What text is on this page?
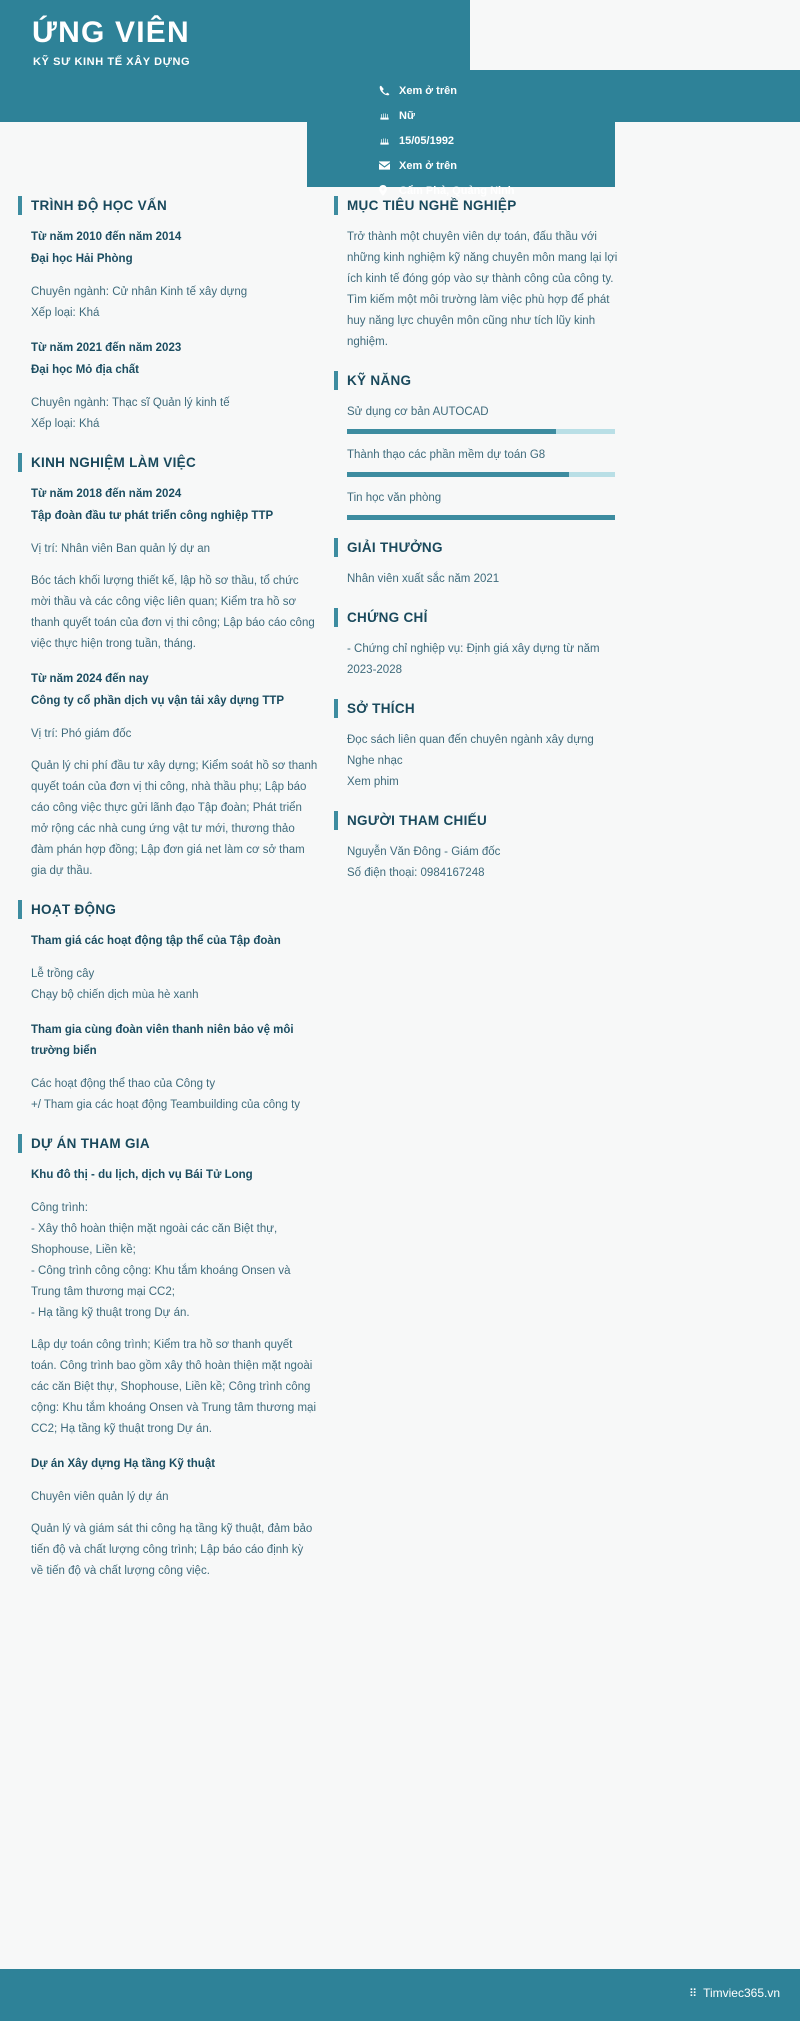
ỨNG VIÊN
KỸ SƯ KINH TẾ XÂY DỰNG
Xem ở trên
Nữ
15/05/1992
Xem ở trên
Cẩm Phả, Quảng Ninh
TRÌNH ĐỘ HỌC VẤN
Từ năm 2010 đến năm 2014
Đại học Hải Phòng
Chuyên ngành: Cử nhân Kinh tế xây dựng
Xếp loại: Khá
Từ năm 2021 đến năm 2023
Đại học Mỏ địa chất
Chuyên ngành: Thạc sĩ Quản lý kinh tế
Xếp loại: Khá
KINH NGHIỆM LÀM VIỆC
Từ năm 2018 đến năm 2024
Tập đoàn đầu tư phát triển công nghiệp TTP
Vị trí: Nhân viên Ban quản lý dự an
Bóc tách khối lượng thiết kế, lập hồ sơ thầu, tổ chức mời thầu và các công việc liên quan; Kiểm tra hồ sơ thanh quyết toán của đơn vị thi công; Lập báo cáo công việc thực hiện trong tuần, tháng.
Từ năm 2024 đến nay
Công ty cổ phần dịch vụ vận tải xây dựng TTP
Vị trí: Phó giám đốc
Quản lý chi phí đầu tư xây dựng; Kiểm soát hồ sơ thanh quyết toán của đơn vị thi công, nhà thầu phụ; Lập báo cáo công việc thực gửi lãnh đạo Tập đoàn; Phát triển mở rộng các nhà cung ứng vật tư mới, thương thảo đàm phán hợp đồng; Lập đơn giá net làm cơ sở tham gia dự thầu.
HOẠT ĐỘNG
Tham giá các hoạt động tập thể của Tập đoàn
Lễ trồng cây
Chạy bộ chiến dịch mùa hè xanh
Tham gia cùng đoàn viên thanh niên bảo vệ môi trường biển
Các hoạt động thể thao của Công ty
+/ Tham gia các hoạt động Teambuilding của công ty
DỰ ÁN THAM GIA
Khu đô thị - du lịch, dịch vụ Bái Tử Long
Công trình:
- Xây thô hoàn thiện mặt ngoài các căn Biệt thự, Shophouse, Liền kề;
- Công trình công cộng: Khu tắm khoáng Onsen và Trung tâm thương mại CC2;
- Hạ tầng kỹ thuật trong Dự án.
Lập dự toán công trình; Kiểm tra hồ sơ thanh quyết toán. Công trình bao gồm xây thô hoàn thiện mặt ngoài các căn Biệt thự, Shophouse, Liền kề; Công trình công cộng: Khu tắm khoáng Onsen và Trung tâm thương mại CC2; Hạ tầng kỹ thuật trong Dự án.
Dự án Xây dựng Hạ tầng Kỹ thuật
Chuyên viên quản lý dự án
Quản lý và giám sát thi công hạ tầng kỹ thuật, đảm bảo tiến độ và chất lượng công trình; Lập báo cáo định kỳ về tiến độ và chất lượng công việc.
MỤC TIÊU NGHỀ NGHIỆP
Trở thành một chuyên viên dự toán, đấu thầu với những kinh nghiệm kỹ năng chuyên môn mang lại lợi ích kinh tế đóng góp vào sự thành công của công ty. Tìm kiếm một môi trường làm việc phù hợp để phát huy năng lực chuyên môn cũng như tích lũy kinh nghiệm.
KỸ NĂNG
Sử dụng cơ bản AUTOCAD
Thành thạo các phần mềm dự toán G8
Tin học văn phòng
GIẢI THƯỞNG
Nhân viên xuất sắc năm 2021
CHỨNG CHỈ
- Chứng chỉ nghiệp vụ: Định giá xây dựng từ năm 2023-2028
SỞ THÍCH
Đọc sách liên quan đến chuyên ngành xây dựng
Nghe nhạc
Xem phim
NGƯỜI THAM CHIẾU
Nguyễn Văn Đông - Giám đốc
Số điện thoại: 0984167248
⠿ Timviec365.vn
